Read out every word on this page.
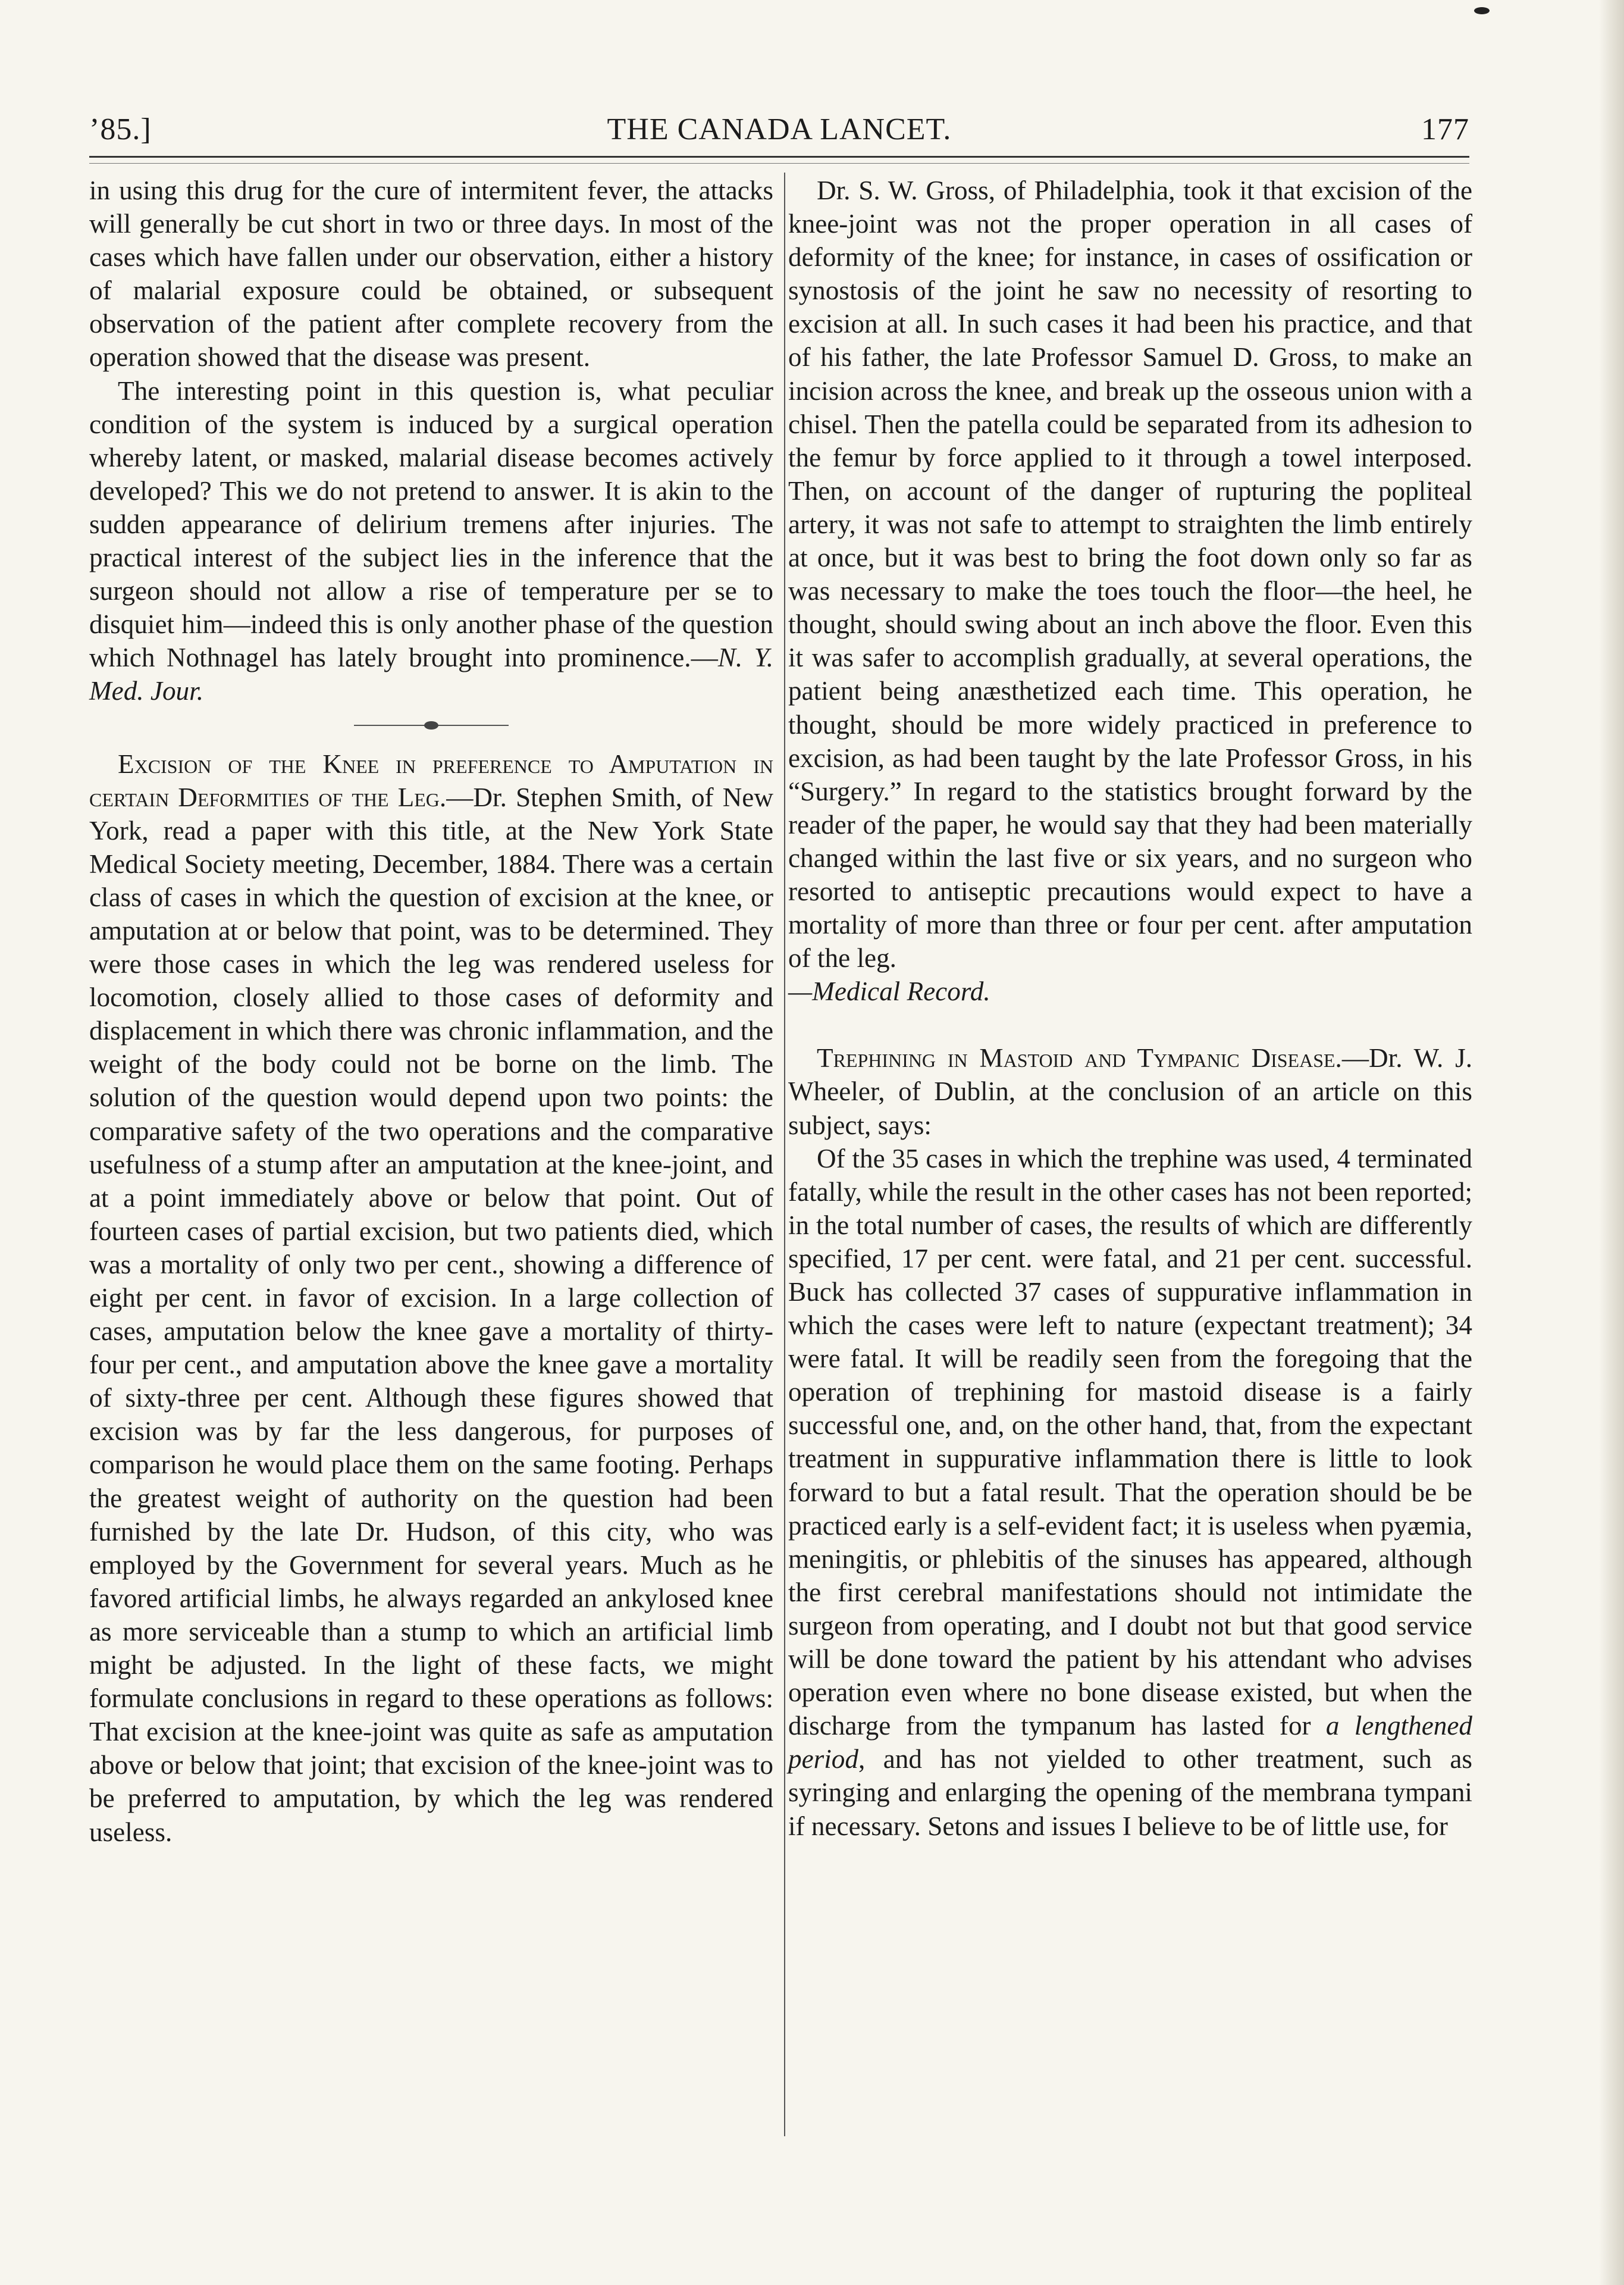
’85.]	THE CANADA LANCET.	177

in using this drug for the cure of intermitent fever, the attacks will generally be cut short in two or three days. In most of the cases which have fallen under our observation, either a history of malarial exposure could be obtained, or subsequent observation of the patient after complete recovery from the operation showed that the disease was present.

The interesting point in this question is, what peculiar condition of the system is induced by a surgical operation whereby latent, or masked, malarial disease becomes actively developed? This we do not pretend to answer. It is akin to the sudden appearance of delirium tremens after injuries. The practical interest of the subject lies in the inference that the surgeon should not allow a rise of temperature per se to disquiet him—indeed this is only another phase of the question which Nothnagel has lately brought into prominence.—N. Y. Med. Jour.

Excision of the Knee in preference to Amputation in certain Deformities of the Leg.—Dr. Stephen Smith, of New York, read a paper with this title, at the New York State Medical Society meeting, December, 1884. There was a certain class of cases in which the question of excision at the knee, or amputation at or below that point, was to be determined. They were those cases in which the leg was rendered useless for locomotion, closely allied to those cases of deformity and displacement in which there was chronic inflammation, and the weight of the body could not be borne on the limb. The solution of the question would depend upon two points: the comparative safety of the two operations and the comparative usefulness of a stump after an amputation at the knee-joint, and at a point immediately above or below that point. Out of fourteen cases of partial excision, but two patients died, which was a mortality of only two per cent., showing a difference of eight per cent. in favor of excision. In a large collection of cases, amputation below the knee gave a mortality of thirty-four per cent., and amputation above the knee gave a mortality of sixty-three per cent. Although these figures showed that excision was by far the less dangerous, for purposes of comparison he would place them on the same footing. Perhaps the greatest weight of authority on the question had been furnished by the late Dr. Hudson, of this city, who was employed by the Government for several years. Much as he favored artificial limbs, he always regarded an ankylosed knee as more serviceable than a stump to which an artificial limb might be adjusted. In the light of these facts, we might formulate conclusions in regard to these operations as follows: That excision at the knee-joint was quite as safe as amputation above or below that joint; that excision of the knee-joint was to be preferred to amputation, by which the leg was rendered useless.

Dr. S. W. Gross, of Philadelphia, took it that excision of the knee-joint was not the proper operation in all cases of deformity of the knee; for instance, in cases of ossification or synostosis of the joint he saw no necessity of resorting to excision at all. In such cases it had been his practice, and that of his father, the late Professor Samuel D. Gross, to make an incision across the knee, and break up the osseous union with a chisel. Then the patella could be separated from its adhesion to the femur by force applied to it through a towel interposed. Then, on account of the danger of rupturing the popliteal artery, it was not safe to attempt to straighten the limb entirely at once, but it was best to bring the foot down only so far as was necessary to make the toes touch the floor—the heel, he thought, should swing about an inch above the floor. Even this it was safer to accomplish gradually, at several operations, the patient being anæsthetized each time. This operation, he thought, should be more widely practiced in preference to excision, as had been taught by the late Professor Gross, in his “Surgery.” In regard to the statistics brought forward by the reader of the paper, he would say that they had been materially changed within the last five or six years, and no surgeon who resorted to antiseptic precautions would expect to have a mortality of more than three or four per cent. after amputation of the leg.

—Medical Record.

Trephining in Mastoid and Tympanic Disease.—Dr. W. J. Wheeler, of Dublin, at the conclusion of an article on this subject, says:

Of the 35 cases in which the trephine was used, 4 terminated fatally, while the result in the other cases has not been reported; in the total number of cases, the results of which are differently specified, 17 per cent. were fatal, and 21 per cent. successful. Buck has collected 37 cases of suppurative inflammation in which the cases were left to nature (expectant treatment); 34 were fatal. It will be readily seen from the foregoing that the operation of trephining for mastoid disease is a fairly successful one, and, on the other hand, that, from the expectant treatment in suppurative inflammation there is little to look forward to but a fatal result. That the operation should be be practiced early is a self-evident fact; it is useless when pyæmia, meningitis, or phlebitis of the sinuses has appeared, although the first cerebral manifestations should not intimidate the surgeon from operating, and I doubt not but that good service will be done toward the patient by his attendant who advises operation even where no bone disease existed, but when the discharge from the tympanum has lasted for a lengthened period, and has not yielded to other treatment, such as syringing and enlarging the opening of the membrana tympani if necessary. Setons and issues I believe to be of little use, for
